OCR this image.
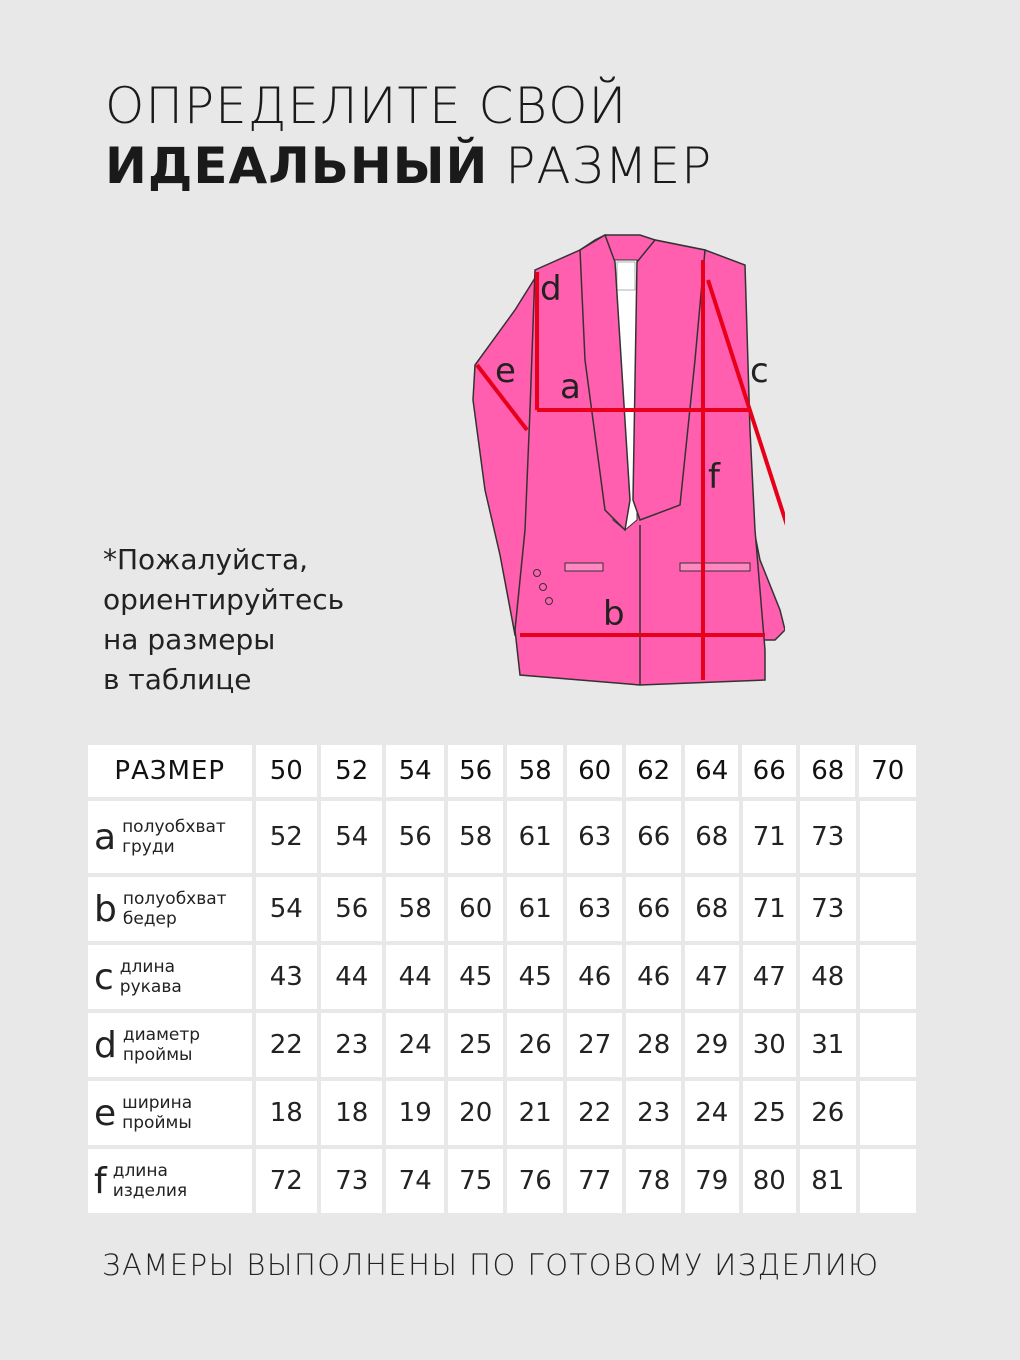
ОПРЕДЕЛИТЕ СВОЙ
ИДЕАЛЬНЫЙ РАЗМЕР
*Пожалуйста,
ориентируйтесь
на размеры
в таблице
a
b
c
d
e
f
РАЗМЕР	50	52	54	56	58	60 62 64 66 68	70
a полуобхват
груди	52	54	56	58	61	63 66 68 71 73
b полуобхват
бедер	54	56	58	60	61	63 66 68 71 73
c длина
рукава	43	44	44	45	45	46 46 47 47 48
d диаметр
проймы	22	23	24	25	26	27 28 29 30 31
e ширина
проймы	18	18	19	20	21	22 23 24 25 26
f длина
изделия	72	73	74	75	76	77 78 79 80 81
ЗАМЕРЫ ВЫПОЛНЕНЫ ПО ГОТОВОМУ ИЗДЕЛИЮ
